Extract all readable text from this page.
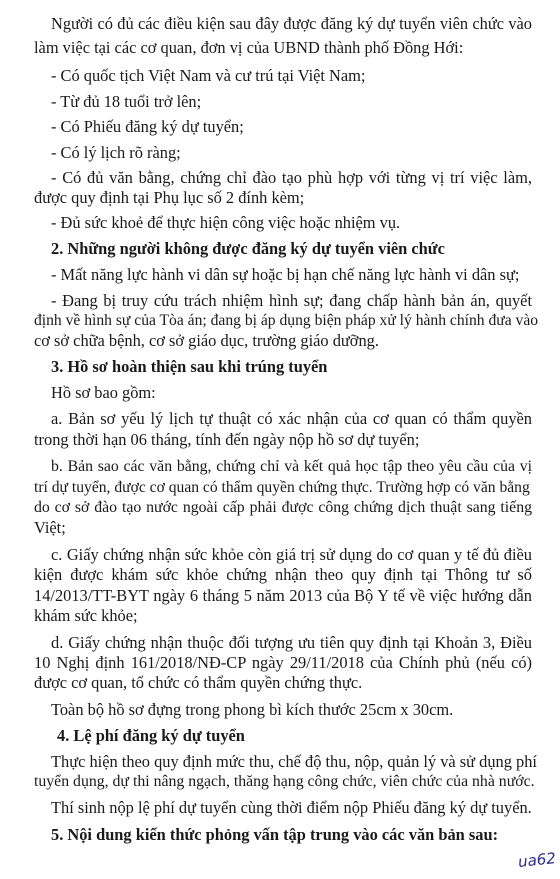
Người có đủ các điều kiện sau đây được đăng ký dự tuyển viên chức vào
làm việc tại các cơ quan, đơn vị của UBND thành phố Đồng Hới:
- Có quốc tịch Việt Nam và cư trú tại Việt Nam;
- Từ đủ 18 tuổi trở lên;
- Có Phiếu đăng ký dự tuyển;
- Có lý lịch rõ ràng;
- Có đủ văn bằng, chứng chỉ đào tạo phù hợp với từng vị trí việc làm,
được quy định tại Phụ lục số 2 đính kèm;
- Đủ sức khoẻ để thực hiện công việc hoặc nhiệm vụ.
2. Những người không được đăng ký dự tuyển viên chức
- Mất năng lực hành vi dân sự hoặc bị hạn chế năng lực hành vi dân sự;
- Đang bị truy cứu trách nhiệm hình sự; đang chấp hành bản án, quyết
định về hình sự của Tòa án; đang bị áp dụng biện pháp xử lý hành chính đưa vào
cơ sở chữa bệnh, cơ sở giáo dục, trường giáo dưỡng.
3. Hồ sơ hoàn thiện sau khi trúng tuyển
Hồ sơ bao gồm:
a. Bản sơ yếu lý lịch tự thuật có xác nhận của cơ quan có thẩm quyền
trong thời hạn 06 tháng, tính đến ngày nộp hồ sơ dự tuyển;
b. Bản sao các văn bằng, chứng chỉ và kết quả học tập theo yêu cầu của vị
trí dự tuyển, được cơ quan có thẩm quyền chứng thực. Trường hợp có văn bằng
do cơ sở đào tạo nước ngoài cấp phải được công chứng dịch thuật sang tiếng
Việt;
c. Giấy chứng nhận sức khỏe còn giá trị sử dụng do cơ quan y tế đủ điều
kiện được khám sức khỏe chứng nhận theo quy định tại Thông tư số
14/2013/TT-BYT ngày 6 tháng 5 năm 2013 của Bộ Y tế về việc hướng dẫn
khám sức khỏe;
d. Giấy chứng nhận thuộc đối tượng ưu tiên quy định tại Khoản 3, Điều
10 Nghị định 161/2018/NĐ-CP ngày 29/11/2018 của Chính phủ (nếu có)
được cơ quan, tổ chức có thẩm quyền chứng thực.
Toàn bộ hồ sơ đựng trong phong bì kích thước 25cm x 30cm.
4. Lệ phí đăng ký dự tuyển
Thực hiện theo quy định mức thu, chế độ thu, nộp, quản lý và sử dụng phí
tuyển dụng, dự thi nâng ngạch, thăng hạng công chức, viên chức của nhà nước.
Thí sinh nộp lệ phí dự tuyển cùng thời điểm nộp Phiếu đăng ký dự tuyển.
5. Nội dung kiến thức phỏng vấn tập trung vào các văn bản sau:
ua62
